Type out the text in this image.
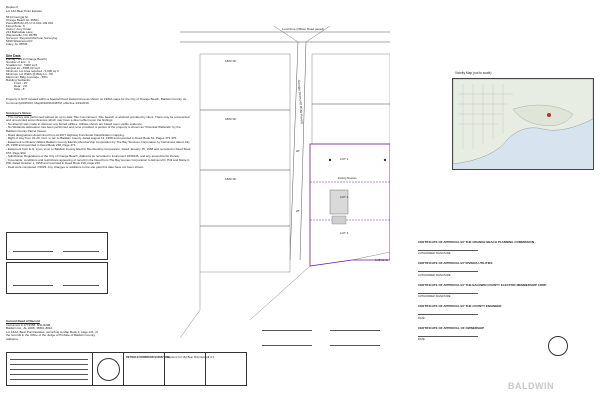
Replat of
Lot 16A Bear Point Estates
5614 Georgia St
Orange Beach AL 36561
Parcel#05-62-07-17-0-001-139.004
Flood Zone: X
Owner: Amy Crider
214 Barksdale Lane
Waynesville, NC 28785
Surveyor: Reynold Morrison Surveying
5499 Waterwood Dr
Foley, AL 36535
Site Data
Zoning - RS-2 (Orange Beach)
Number of lots - 3
Smallest lot - 5000 sq ft
Largest lot - 5595.00 sq ft
Minimum Lot Area required - 5,000 sq ft
Minimum Lot Width @ Bldg Ln - 50'
Maximum Bldg coverage - 50%
Building Setbacks:
Front - 25'
Rear - 20'
Side - 8'
Property is NOT located within a Special Flood Hazard Area as shown on FEMA maps for the City of Orange Beach, Baldwin County, AL Community#015013, Map#01003C0987M, effective 4/19/2019.
Surveyor's Notes:
- This survey was performed without an up to date Title Commitment, Title Search or abstract provided by client. There may be unrecorded and unrecorded encumbrances which may have a direct effect upon the findings.
- No attempt was made to discover any buried utilities. Utilities shown are based upon visible evidence.
- No Wetlands delineation has been performed and none provided. A portion of the property is shown as "Potential Wetlands" by the Baldwin County Parcel Viewer.
- Road designations determined from ALDOT Highway Functional Classification mapping.
- Right of way from 01-20, Cert. in ref. to Baldwin County, dated August 13, 1958 and recorded in Deed Book 51, Pages 373-375.
- Easement to Riviera Utilities Baldwin County Electric Membership Corporation by The Bay Services Corporation by instrument dated July 25, 1958 and recorded in Deed Book 238, Page 471.
- Easement from E.G. Lyon, et al. to Baldwin County Electric Membership Corporation, dated January 15, 1958 and recorded in Deed Book 676, Page 993.
- Subdivision Regulations of the City of Orange Beach, Alabama as recorded in Instrument 1839346, and any amendments thereto.
- Covenants, conditions and restrictions appearing of record in the Deed from The Bay Homes Corporation to Edmund D. Pitti and Marie C. Pitti, dated October 1, 1958 and recorded in Deed Book 219, page 222.
- Field work completed 7/2023. Any changes or additions to the site past this date have not been shown.
Current Deed of Record
Instrument # 1774458, 8/31/2008
Baldwin Co., AL 2008, 36561-8010
Lot 16A2, Bear Point Estates, according to Map Book 4, page 121, of
the records in the Office of the Judge of Probate of Baldwin County,
Alabama.
REYNOLD MORRISON SURVEYING
Replat of Lot 16A Bear Point Estates
1 of 1
Lost Drive (Officer Road paved)
Georgia Street (40' ROW Paved)
1800 SF
1800 SF
1800 SF
LOT 1
LOT 2
LOT 3
Existing Structure
20'
25'
S 88°00' W
Vicinity Map (not to scale)
CERTIFICATE OF APPROVAL BY THE ORANGE BEACH PLANNING COMMISSION
AUTHORIZED SIGNATURE
CERTIFICATE OF APPROVAL BY RIVIERA UTILITIES
AUTHORIZED SIGNATURE
CERTIFICATE OF APPROVAL BY THE BALDWIN COUNTY ELECTRIC MEMBERSHIP CORP
AUTHORIZED SIGNATURE
CERTIFICATE OF APPROVAL BY THE COUNTY ENGINEER
DATE
CERTIFICATE OF APPROVAL OF OWNERSHIP
DATE
BALDWIN
